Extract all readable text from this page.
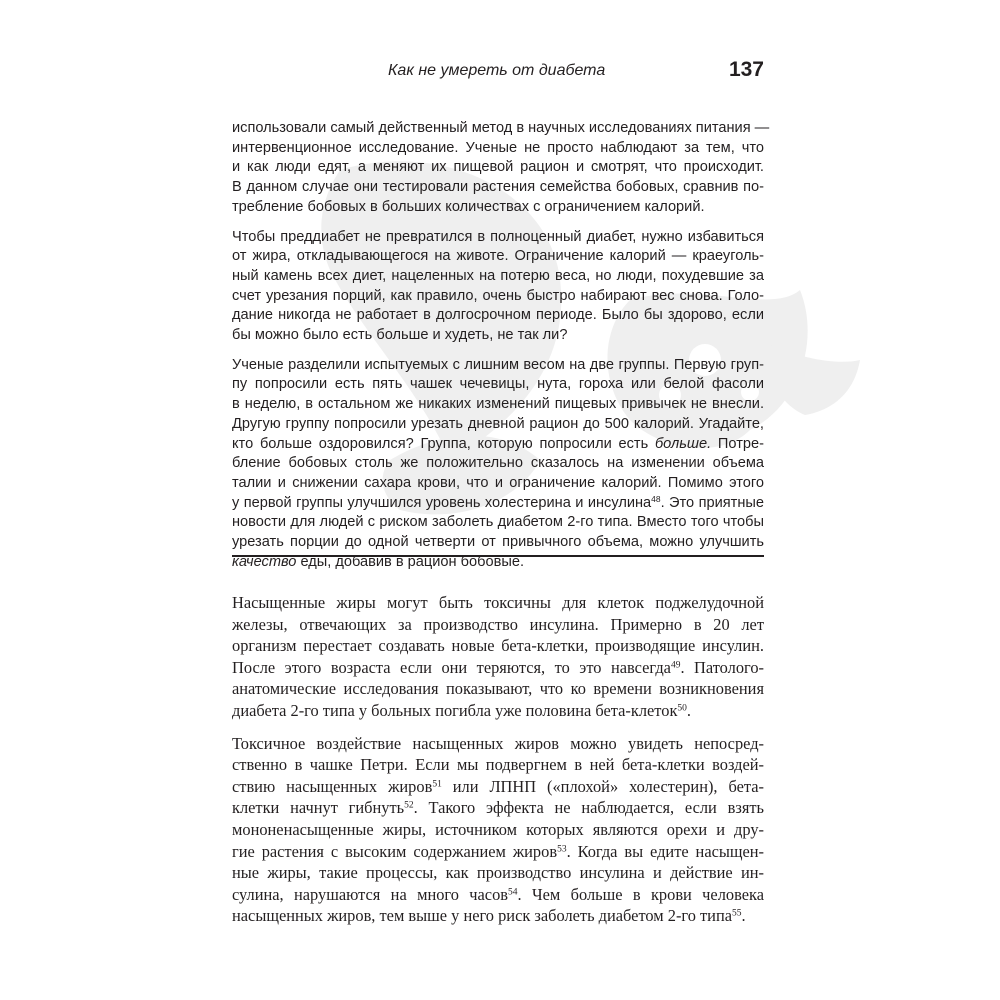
Как не умереть от диабета	137

использовали самый действенный метод в научных исследованиях питания —
интервенционное исследование. Ученые не просто наблюдают за тем, что
и как люди едят, а меняют их пищевой рацион и смотрят, что происходит.
В данном случае они тестировали растения семейства бобовых, сравнив по-
требление бобовых в больших количествах с ограничением калорий.

Чтобы преддиабет не превратился в полноценный диабет, нужно избавиться
от жира, откладывающегося на животе. Ограничение калорий — краеуголь-
ный камень всех диет, нацеленных на потерю веса, но люди, похудевшие за
счет урезания порций, как правило, очень быстро набирают вес снова. Голо-
дание никогда не работает в долгосрочном периоде. Было бы здорово, если
бы можно было есть больше и худеть, не так ли?

Ученые разделили испытуемых с лишним весом на две группы. Первую груп-
пу попросили есть пять чашек чечевицы, нута, гороха или белой фасоли
в неделю, в остальном же никаких изменений пищевых привычек не внесли.
Другую группу попросили урезать дневной рацион до 500 калорий. Угадайте,
кто больше оздоровился? Группа, которую попросили есть больше. Потре-
бление бобовых столь же положительно сказалось на изменении объема
талии и снижении сахара крови, что и ограничение калорий. Помимо этого
у первой группы улучшился уровень холестерина и инсулина$^{48}$. Это приятные
новости для людей с риском заболеть диабетом 2-го типа. Вместо того чтобы
урезать порции до одной четверти от привычного объема, можно улучшить
качество еды, добавив в рацион бобовые.

Насыщенные жиры могут быть токсичны для клеток поджелудочной
железы, отвечающих за производство инсулина. Примерно в 20 лет
организм перестает создавать новые бета-клетки, производящие инсулин.
После этого возраста если они теряются, то это навсегда$^{49}$. Патолого-
анатомические исследования показывают, что ко времени возникновения
диабета 2-го типа у больных погибла уже половина бета-клеток$^{50}$.

Токсичное воздействие насыщенных жиров можно увидеть непосред-
ственно в чашке Петри. Если мы подвергнем в ней бета-клетки воздей-
ствию насыщенных жиров$^{51}$ или ЛПНП («плохой» холестерин), бета-
клетки начнут гибнуть$^{52}$. Такого эффекта не наблюдается, если взять
мононенасыщенные жиры, источником которых являются орехи и дру-
гие растения с высоким содержанием жиров$^{53}$. Когда вы едите насыщен-
ные жиры, такие процессы, как производство инсулина и действие ин-
сулина, нарушаются на много часов$^{54}$. Чем больше в крови человека
насыщенных жиров, тем выше у него риск заболеть диабетом 2-го типа$^{55}$.
